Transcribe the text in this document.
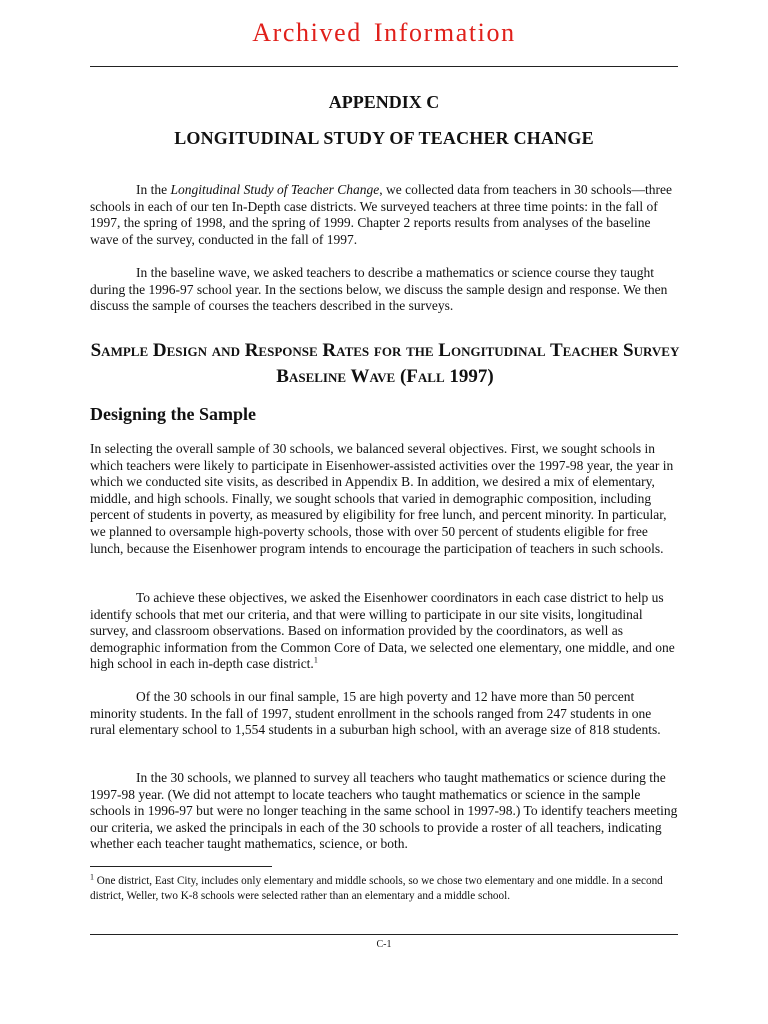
Archived Information
APPENDIX C
LONGITUDINAL STUDY OF TEACHER CHANGE

In the Longitudinal Study of Teacher Change, we collected data from teachers in 30 schools—three schools in each of our ten In-Depth case districts. We surveyed teachers at three time points: in the fall of 1997, the spring of 1998, and the spring of 1999. Chapter 2 reports results from analyses of the baseline wave of the survey, conducted in the fall of 1997.

In the baseline wave, we asked teachers to describe a mathematics or science course they taught during the 1996-97 school year. In the sections below, we discuss the sample design and response. We then discuss the sample of courses the teachers described in the surveys.

Sample Design and Response Rates for the Longitudinal Teacher Survey Baseline Wave (Fall 1997)
Designing the Sample

In selecting the overall sample of 30 schools, we balanced several objectives. First, we sought schools in which teachers were likely to participate in Eisenhower-assisted activities over the 1997-98 year, the year in which we conducted site visits, as described in Appendix B. In addition, we desired a mix of elementary, middle, and high schools. Finally, we sought schools that varied in demographic composition, including percent of students in poverty, as measured by eligibility for free lunch, and percent minority. In particular, we planned to oversample high-poverty schools, those with over 50 percent of students eligible for free lunch, because the Eisenhower program intends to encourage the participation of teachers in such schools.

To achieve these objectives, we asked the Eisenhower coordinators in each case district to help us identify schools that met our criteria, and that were willing to participate in our site visits, longitudinal survey, and classroom observations. Based on information provided by the coordinators, as well as demographic information from the Common Core of Data, we selected one elementary, one middle, and one high school in each in-depth case district.$^1$

Of the 30 schools in our final sample, 15 are high poverty and 12 have more than 50 percent minority students. In the fall of 1997, student enrollment in the schools ranged from 247 students in one rural elementary school to 1,554 students in a suburban high school, with an average size of 818 students.

In the 30 schools, we planned to survey all teachers who taught mathematics or science during the 1997-98 year. (We did not attempt to locate teachers who taught mathematics or science in the sample schools in 1996-97 but were no longer teaching in the same school in 1997-98.) To identify teachers meeting our criteria, we asked the principals in each of the 30 schools to provide a roster of all teachers, indicating whether each teacher taught mathematics, science, or both.

$^1$ One district, East City, includes only elementary and middle schools, so we chose two elementary and one middle. In a second district, Weller, two K-8 schools were selected rather than an elementary and a middle school.

C-1
